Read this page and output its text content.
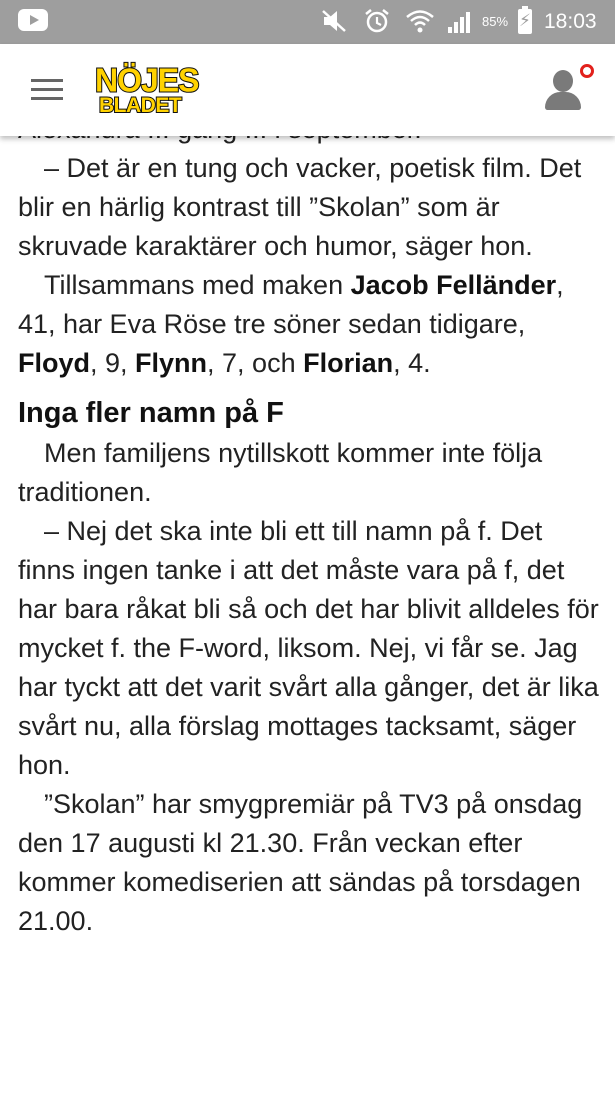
85% ⚡ 18:03
NÖJES
BLADET

– Det är en tung och vacker, poetisk film. Det blir en härlig kontrast till ”Skolan” som är skruvade karaktärer och humor, säger hon.

Tillsammans med maken Jacob Felländer, 41, har Eva Röse tre söner sedan tidigare, Floyd, 9, Flynn, 7, och Florian, 4.

Inga fler namn på F

Men familjens nytillskott kommer inte följa traditionen.

– Nej det ska inte bli ett till namn på f. Det finns ingen tanke i att det måste vara på f, det har bara råkat bli så och det har blivit alldeles för mycket f. the F-word, liksom. Nej, vi får se. Jag har tyckt att det varit svårt alla gånger, det är lika svårt nu, alla förslag mottages tacksamt, säger hon.

”Skolan” har smygpremiär på TV3 på onsdag den 17 augusti kl 21.30. Från veckan efter kommer komediserien att sändas på torsdagen 21.00.
